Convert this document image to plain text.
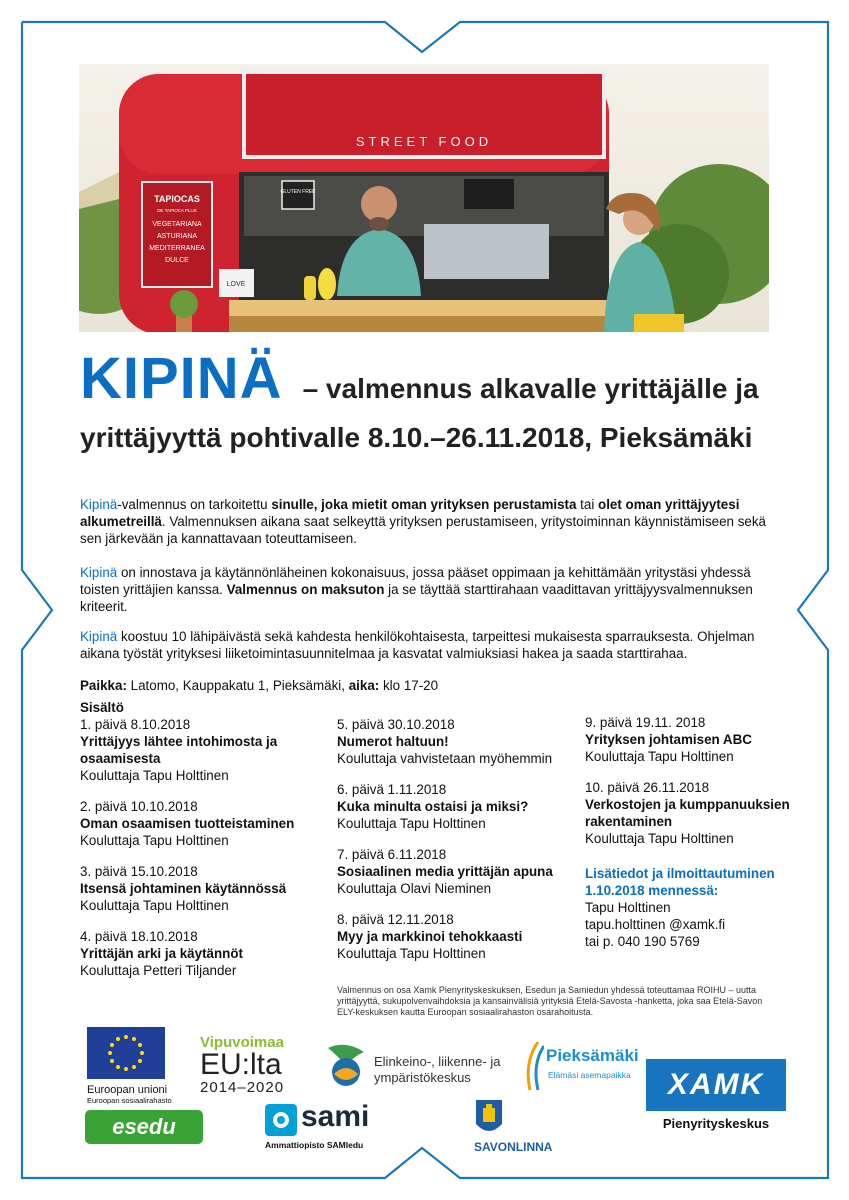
STREET FOOD
TAPIOCAS
DE TAPIOCA PLUS
VEGETARIANA
ASTURIANA
MEDITERRANEA
DULCE
GLUTEN FREE
LOVE
KIPINÄ – valmennus alkavalle yrittäjälle ja
yrittäjyyttä pohtivalle 8.10.–26.11.2018, Pieksämäki
Kipinä-valmennus on tarkoitettu sinulle, joka mietit oman yrityksen perustamista tai olet oman yrittäjyytesi alkumetreillä. Valmennuksen aikana saat selkeyttä yrityksen perustamiseen, yritystoiminnan käynnistämiseen sekä sen järkevään ja kannattavaan toteuttamiseen.
Kipinä on innostava ja käytännönläheinen kokonaisuus, jossa pääset oppimaan ja kehittämään yritystäsi yhdessä toisten yrittäjien kanssa. Valmennus on maksuton ja se täyttää starttirahaan vaadittavan yrittäjyysvalmennuksen kriteerit.
Kipinä koostuu 10 lähipäivästä sekä kahdesta henkilökohtaisesta, tarpeittesi mukaisesta sparrauksesta. Ohjelman aikana työstät yrityksesi liiketoimintasuunnitelmaa ja kasvatat valmiuksiasi hakea ja saada starttirahaa.
Paikka: Latomo, Kauppakatu 1, Pieksämäki, aika: klo 17-20
Sisältö
1. päivä 8.10.2018
Yrittäjyys lähtee intohimosta ja osaamisesta
Kouluttaja Tapu Holttinen
2. päivä 10.10.2018
Oman osaamisen tuotteistaminen
Kouluttaja Tapu Holttinen
3. päivä 15.10.2018
Itsensä johtaminen käytännössä
Kouluttaja Tapu Holttinen
4. päivä 18.10.2018
Yrittäjän arki ja käytännöt
Kouluttaja Petteri Tiljander
5. päivä 30.10.2018
Numerot haltuun!
Kouluttaja vahvistetaan myöhemmin
6. päivä 1.11.2018
Kuka minulta ostaisi ja miksi?
Kouluttaja Tapu Holttinen
7. päivä 6.11.2018
Sosiaalinen media yrittäjän apuna
Kouluttaja Olavi Nieminen
8. päivä 12.11.2018
Myy ja markkinoi tehokkaasti
Kouluttaja Tapu Holttinen
9. päivä 19.11. 2018
Yrityksen johtamisen ABC
Kouluttaja Tapu Holttinen
10. päivä 26.11.2018
Verkostojen ja kumppanuuksien rakentaminen
Kouluttaja Tapu Holttinen
Lisätiedot ja ilmoittautuminen 1.10.2018 mennessä:
Tapu Holttinen
tapu.holttinen @xamk.fi
tai p. 040 190 5769
Valmennus on osa Xamk Pienyrityskeskuksen, Esedun ja Samiedun yhdessä toteuttamaa ROIHU – uutta yrittäjyyttä, sukupolvenvaihdoksia ja kansainvälisiä yrityksiä Etelä-Savosta -hanketta, joka saa Etelä-Savon ELY-keskuksen kautta Euroopan sosiaalirahaston osarahoitusta.
Euroopan unioni
Euroopan sosiaalirahasto
Vipuvoimaa
EU:lta
2014–2020
Elinkeino-, liikenne- ja
ympäristökeskus
Pieksämäki
Elämäsi asemapaikka	XAMK
Pienyrityskeskus
esedu	sami
Ammattiopisto SAMIedu	SAVONLINNA
